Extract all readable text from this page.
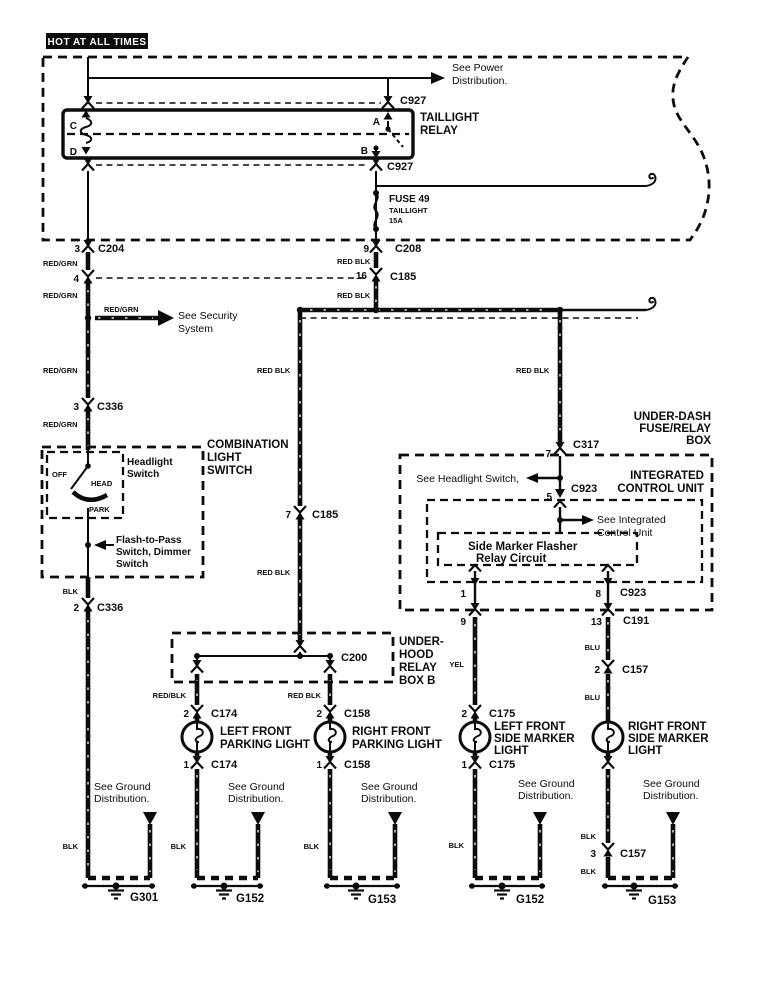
HOT AT ALL TIMES
See Power
Distribution.
C927
TAILLIGHT
RELAY
C
D
A
B
C927
FUSE 49
TAILLIGHT
15A
3 C204	9 C208
RED/GRN
4
RED/GRN
RED/GRN
See Security
System
RED/GRN
3 C336
RED/GRN
COMBINATION
LIGHT
SWITCH
Headlight
Switch
OFF
HEAD
PARK
Flash-to-Pass
Switch, Dimmer
Switch
BLK
2 C336
RED BLK
16 C185
RED BLK
RED BLK
7 C185
RED BLK
UNDER-
HOOD
RELAY
BOX B
C200
RED/BLK	RED BLK
2 C174
LEFT FRONT
PARKING LIGHT
1 C174
2 C158
RIGHT FRONT
PARKING LIGHT
1 C158
RED BLK
UNDER-DASH
FUSE/RELAY
BOX
7
C317
See Headlight Switch,
5
C923
INTEGRATED
CONTROL UNIT
See Integrated
Control Unit
Side Marker Flasher
Relay Circuit
1	8 C923
9	13 C191
YEL
2 C175
LEFT FRONT
SIDE MARKER
LIGHT
1 C175
BLU
2 C157
BLU
RIGHT FRONT
SIDE MARKER
LIGHT
BLK
3 C157
BLK
See Ground
Distribution.
See Ground
Distribution.
See Ground
Distribution.
See Ground
Distribution.
See Ground
Distribution.
BLK	BLK	BLK	BLK
G301	G152	G153	G152	G153
